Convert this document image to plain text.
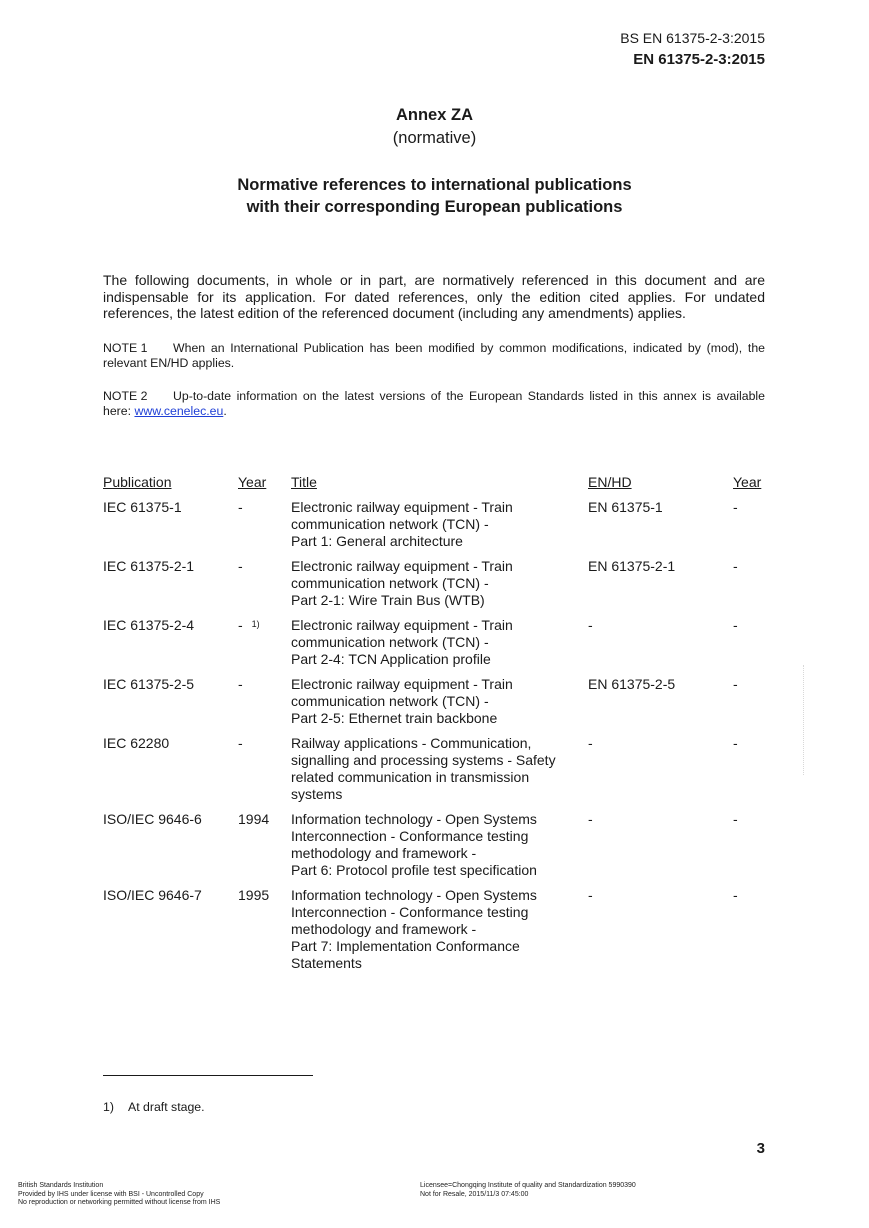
BS EN 61375-2-3:2015
EN 61375-2-3:2015
Annex ZA
(normative)
Normative references to international publications
with their corresponding European publications
The following documents, in whole or in part, are normatively referenced in this document and are indispensable for its application. For dated references, only the edition cited applies. For undated references, the latest edition of the referenced document (including any amendments) applies.
NOTE 1 When an International Publication has been modified by common modifications, indicated by (mod), the relevant EN/HD applies.
NOTE 2 Up-to-date information on the latest versions of the European Standards listed in this annex is available here: www.cenelec.eu.
Publication	Year	Title	EN/HD	Year
IEC 61375-1	-	Electronic railway equipment - Train
communication network (TCN) -
Part 1: General architecture	EN 61375-1	-
IEC 61375-2-1	-	Electronic railway equipment - Train
communication network (TCN) -
Part 2-1: Wire Train Bus (WTB)	EN 61375-2-1	-
IEC 61375-2-4	- $^{1)}$	Electronic railway equipment - Train
communication network (TCN) -
Part 2-4: TCN Application profile	-	-
IEC 61375-2-5	-	Electronic railway equipment - Train
communication network (TCN) -
Part 2-5: Ethernet train backbone	EN 61375-2-5	-
IEC 62280	-	Railway applications - Communication,
signalling and processing systems - Safety
related communication in transmission
systems	-	-
ISO/IEC 9646-6	1994	Information technology - Open Systems
Interconnection - Conformance testing
methodology and framework -
Part 6: Protocol profile test specification	-	-
ISO/IEC 9646-7	1995	Information technology - Open Systems
Interconnection - Conformance testing
methodology and framework -
Part 7: Implementation Conformance
Statements	-	-
1) At draft stage.
3
British Standards Institution
Provided by IHS under license with BSI - Uncontrolled Copy
No reproduction or networking permitted without license from IHS
Licensee=Chongqing Institute of quality and Standardization 5990390
Not for Resale, 2015/11/3 07:45:00
